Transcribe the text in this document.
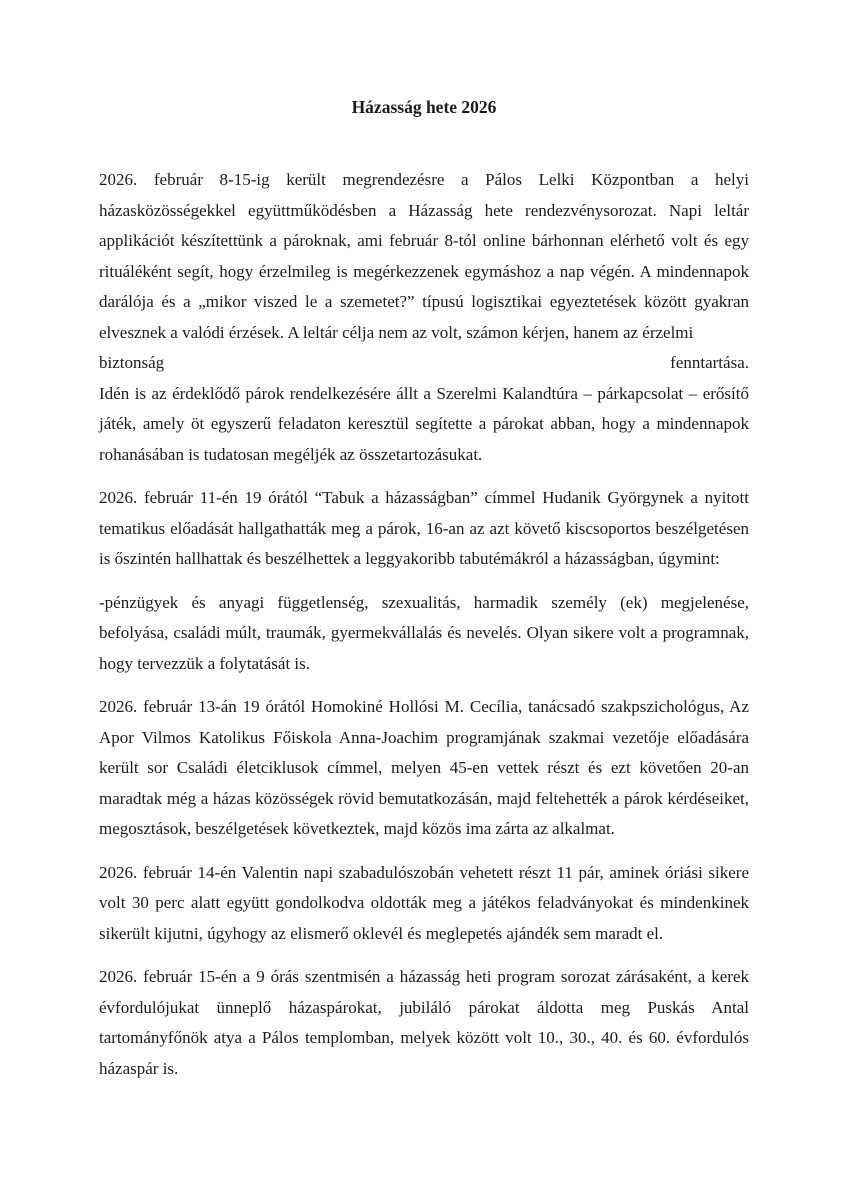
Házasság hete 2026
2026. február 8-15-ig került megrendezésre a Pálos Lelki Központban a helyi házasközösségekkel együttműködésben a Házasság hete rendezvénysorozat. Napi leltár applikációt készítettünk a pároknak, ami február 8-tól online bárhonnan elérhető volt és egy rituáléként segít, hogy érzelmileg is megérkezzenek egymáshoz a nap végén. A mindennapok darálója és a „mikor viszed le a szemetet?” típusú logisztikai egyeztetések között gyakran elvesznek a valódi érzések. A leltár célja nem az volt, számon kérjen, hanem az érzelmi
biztonság	fenntartása.
Idén is az érdeklődő párok rendelkezésére állt a Szerelmi Kalandtúra – párkapcsolat – erősítő játék, amely öt egyszerű feladaton keresztül segítette a párokat abban, hogy a mindennapok rohanásában is tudatosan megéljék az összetartozásukat.
2026. február 11-én 19 órától “Tabuk a házasságban” címmel Hudanik Györgynek a nyitott tematikus előadását hallgathatták meg a párok, 16-an az azt követő kiscsoportos beszélgetésen is őszintén hallhattak és beszélhettek a leggyakoribb tabutémákról a házasságban, úgymint:
-pénzügyek és anyagi függetlenség, szexualitás, harmadik személy (ek) megjelenése, befolyása, családi múlt, traumák, gyermekvállalás és nevelés. Olyan sikere volt a programnak, hogy tervezzük a folytatását is.
2026. február 13-án 19 órától Homokiné Hollósi M. Cecília, tanácsadó szakpszichológus, Az Apor Vilmos Katolikus Főiskola Anna-Joachim programjának szakmai vezetője előadására került sor Családi életciklusok címmel, melyen 45-en vettek részt és ezt követően 20-an maradtak még a házas közösségek rövid bemutatkozásán, majd feltehették a párok kérdéseiket, megosztások, beszélgetések következtek, majd közös ima zárta az alkalmat.
2026. február 14-én Valentin napi szabadulószobán vehetett részt 11 pár, aminek óriási sikere volt 30 perc alatt együtt gondolkodva oldották meg a játékos feladványokat és mindenkinek sikerült kijutni, úgyhogy az elismerő oklevél és meglepetés ajándék sem maradt el.
2026. február 15-én a 9 órás szentmisén a házasság heti program sorozat zárásaként, a kerek évfordulójukat ünneplő házaspárokat, jubiláló párokat áldotta meg Puskás Antal tartományfőnök atya a Pálos templomban, melyek között volt 10., 30., 40. és 60. évfordulós házaspár is.
